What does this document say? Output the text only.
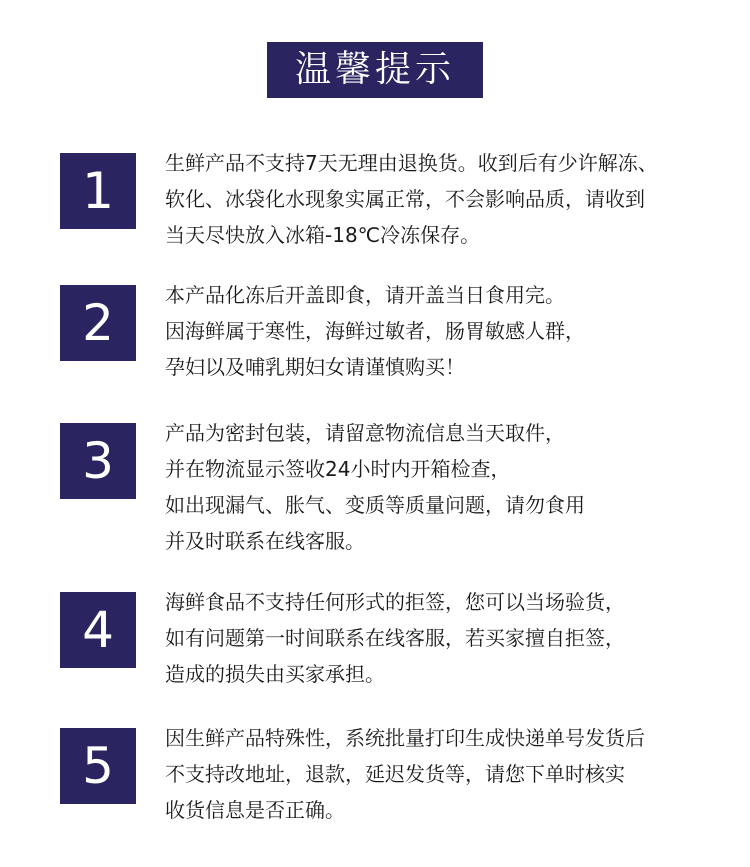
温馨提示
1	生鲜产品不支持7天无理由退换货。收到后有少许解冻、
软化、冰袋化水现象实属正常，不会影响品质，请收到
当天尽快放入冰箱-18℃冷冻保存。
2	本产品化冻后开盖即食，请开盖当日食用完。
因海鲜属于寒性，海鲜过敏者，肠胃敏感人群，
孕妇以及哺乳期妇女请谨慎购买！
3	产品为密封包装，请留意物流信息当天取件，
并在物流显示签收24小时内开箱检查，
如出现漏气、胀气、变质等质量问题，请勿食用
并及时联系在线客服。
4	海鲜食品不支持任何形式的拒签，您可以当场验货，
如有问题第一时间联系在线客服，若买家擅自拒签，
造成的损失由买家承担。
5	因生鲜产品特殊性，系统批量打印生成快递单号发货后
不支持改地址，退款，延迟发货等，请您下单时核实
收货信息是否正确。
